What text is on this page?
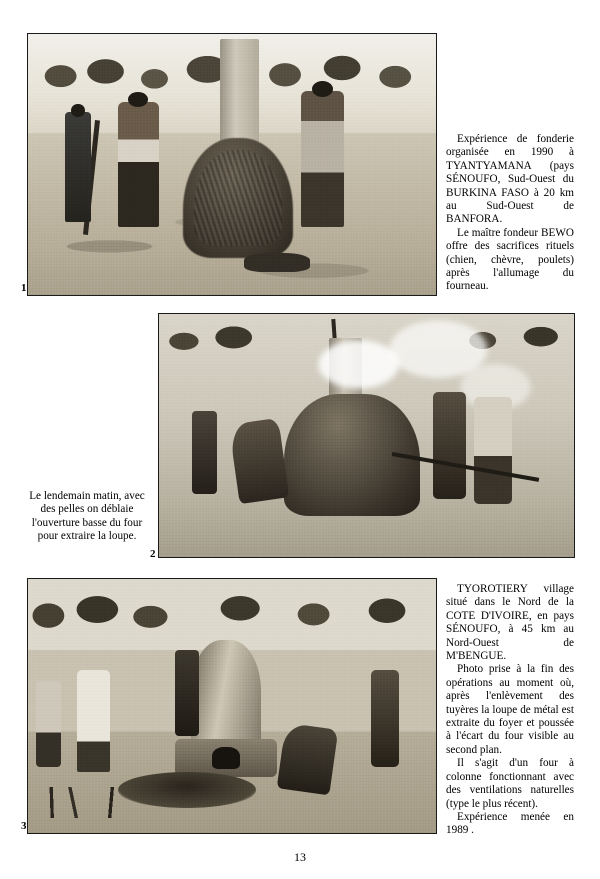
1

Expérience de fonderie organisée en 1990 à TYANTYAMANA (pays SÉNOUFO, Sud-Ouest du BURKINA FASO à 20 km au Sud-Ouest de BANFORA.

Le maître fondeur BEWO offre des sacrifices rituels (chien, chèvre, poulets) après l'allumage du fourneau.

2

Le lendemain matin, avec des pelles on déblaie l'ouverture basse du four pour extraire la loupe.

3

TYOROTIERY village situé dans le Nord de la COTE D'IVOIRE, en pays SÉNOUFO, à 45 km au Nord-Ouest de M'BENGUE.

Photo prise à la fin des opérations au moment où, après l'enlèvement des tuyères la loupe de métal est extraite du foyer et poussée à l'écart du four visible au second plan.

Il s'agit d'un four à colonne fonctionnant avec des ventilations naturelles (type le plus récent).

Expérience menée en 1989 .

13
